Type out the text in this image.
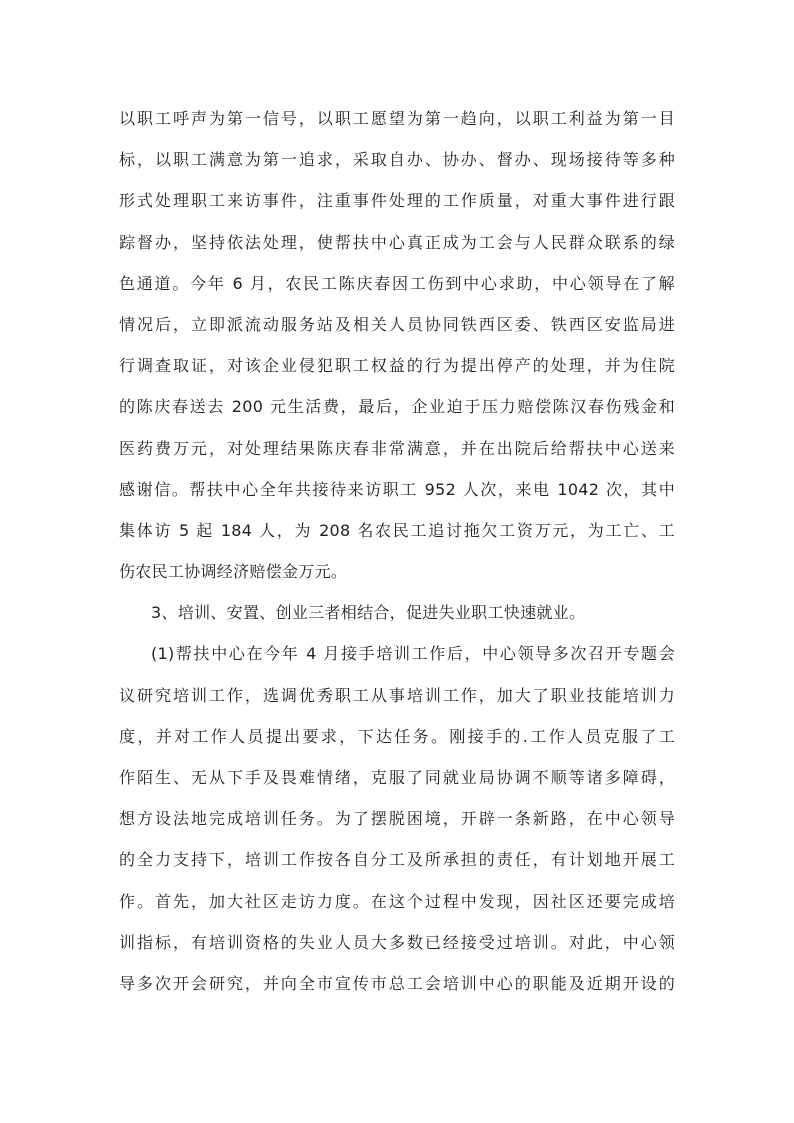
以职工呼声为第一信号，以职工愿望为第一趋向，以职工利益为第一目
标，以职工满意为第一追求，采取自办、协办、督办、现场接待等多种
形式处理职工来访事件，注重事件处理的工作质量，对重大事件进行跟
踪督办，坚持依法处理，使帮扶中心真正成为工会与人民群众联系的绿
色通道。今年 6 月，农民工陈庆春因工伤到中心求助，中心领导在了解
情况后，立即派流动服务站及相关人员协同铁西区委、铁西区安监局进
行调查取证，对该企业侵犯职工权益的行为提出停产的处理，并为住院
的陈庆春送去 200 元生活费，最后，企业迫于压力赔偿陈汉春伤残金和
医药费万元，对处理结果陈庆春非常满意，并在出院后给帮扶中心送来
感谢信。帮扶中心全年共接待来访职工 952 人次，来电 1042 次，其中
集体访 5 起 184 人，为 208 名农民工追讨拖欠工资万元，为工亡、工
伤农民工协调经济赔偿金万元。
3、培训、安置、创业三者相结合，促进失业职工快速就业。
(1)帮扶中心在今年 4 月接手培训工作后，中心领导多次召开专题会
议研究培训工作，选调优秀职工从事培训工作，加大了职业技能培训力
度，并对工作人员提出要求，下达任务。刚接手的.工作人员克服了工
作陌生、无从下手及畏难情绪，克服了同就业局协调不顺等诸多障碍，
想方设法地完成培训任务。为了摆脱困境，开辟一条新路，在中心领导
的全力支持下，培训工作按各自分工及所承担的责任，有计划地开展工
作。首先，加大社区走访力度。在这个过程中发现，因社区还要完成培
训指标，有培训资格的失业人员大多数已经接受过培训。对此，中心领
导多次开会研究，并向全市宣传市总工会培训中心的职能及近期开设的
